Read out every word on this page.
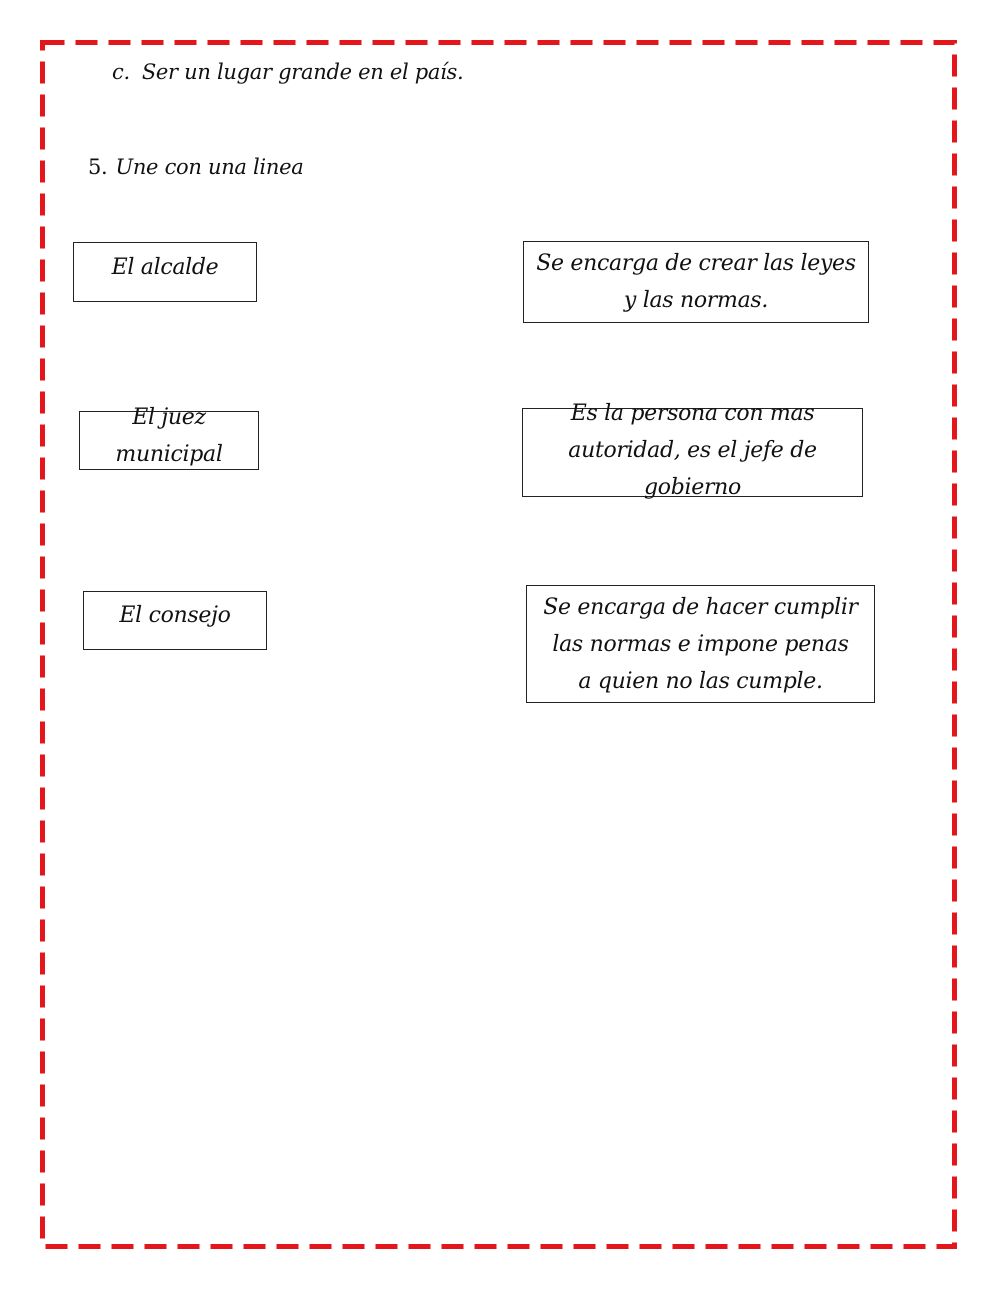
c. Ser un lugar grande en el país.
5. Une con una linea
El alcalde
El juez municipal
El consejo
Se encarga de crear las leyes y las normas.
Es la persona con mas autoridad, es el jefe de gobierno
Se encarga de hacer cumplir las normas e impone penas a quien no las cumple.
